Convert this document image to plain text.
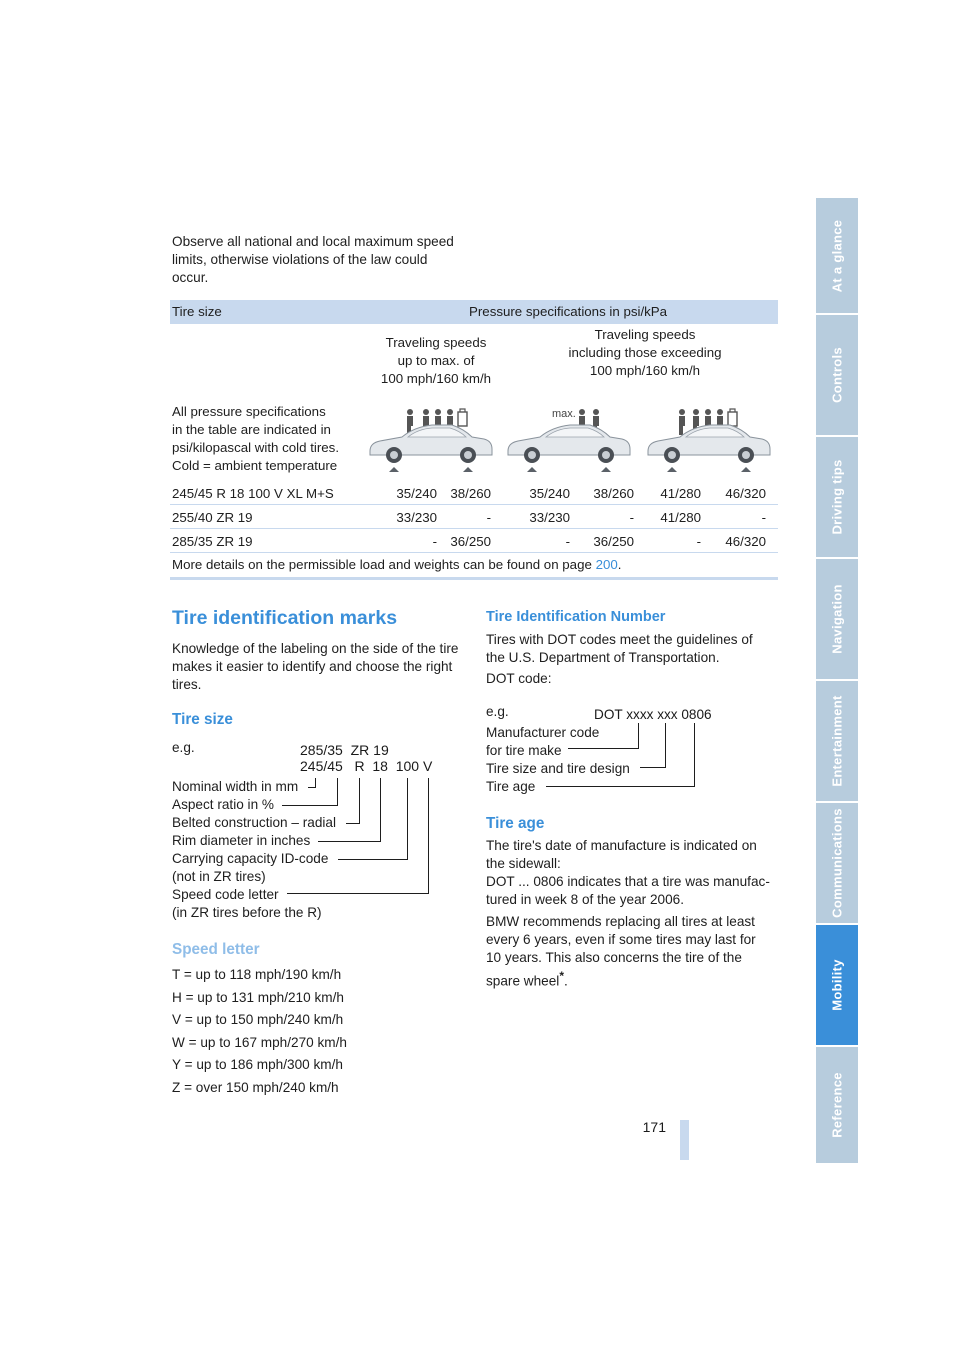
Observe all national and local maximum speed
limits, otherwise violations of the law could
occur.
Tire size	Pressure specifications in psi/kPa
Traveling speeds
up to max. of
100 mph/160 km/h
Traveling speeds
including those exceeding
100 mph/160 km/h
All pressure specifications
in the table are indicated in
psi/kilopascal with cold tires.
Cold = ambient temperature
max.
245/45 R 18 100 V XL M+S	35/240	38/260	35/240	38/260	41/280	46/320
255/40 ZR 19	33/230	-	33/230	-	41/280	-
285/35 ZR 19	-	36/250	-	36/250	-	46/320
More details on the permissible load and weights can be found on page 200.
Tire identification marks
Knowledge of the labeling on the side of the tire
makes it easier to identify and choose the right
tires.
Tire size
e.g.	285/35  ZR 19
245/45   R  18  100 V
Nominal width in mm
Aspect ratio in %
Belted construction – radial
Rim diameter in inches
Carrying capacity ID-code
(not in ZR tires)
Speed code letter
(in ZR tires before the R)
Speed letter
T = up to 118 mph/190 km/h
H = up to 131 mph/210 km/h
V = up to 150 mph/240 km/h
W = up to 167 mph/270 km/h
Y = up to 186 mph/300 km/h
Z = over 150 mph/240 km/h
Tire Identification Number
Tires with DOT codes meet the guidelines of
the U.S. Department of Transportation.
DOT code:
e.g.	DOT xxxx xxx 0806
Manufacturer code
for tire make
Tire size and tire design
Tire age
Tire age
The tire's date of manufacture is indicated on
the sidewall:
DOT ... 0806 indicates that a tire was manufac-
tured in week 8 of the year 2006.
BMW recommends replacing all tires at least
every 6 years, even if some tires may last for
10 years. This also concerns the tire of the
spare wheel*.
At a glance
Controls
Driving tips
Navigation
Entertainment
Communications
Mobility
Reference
171
